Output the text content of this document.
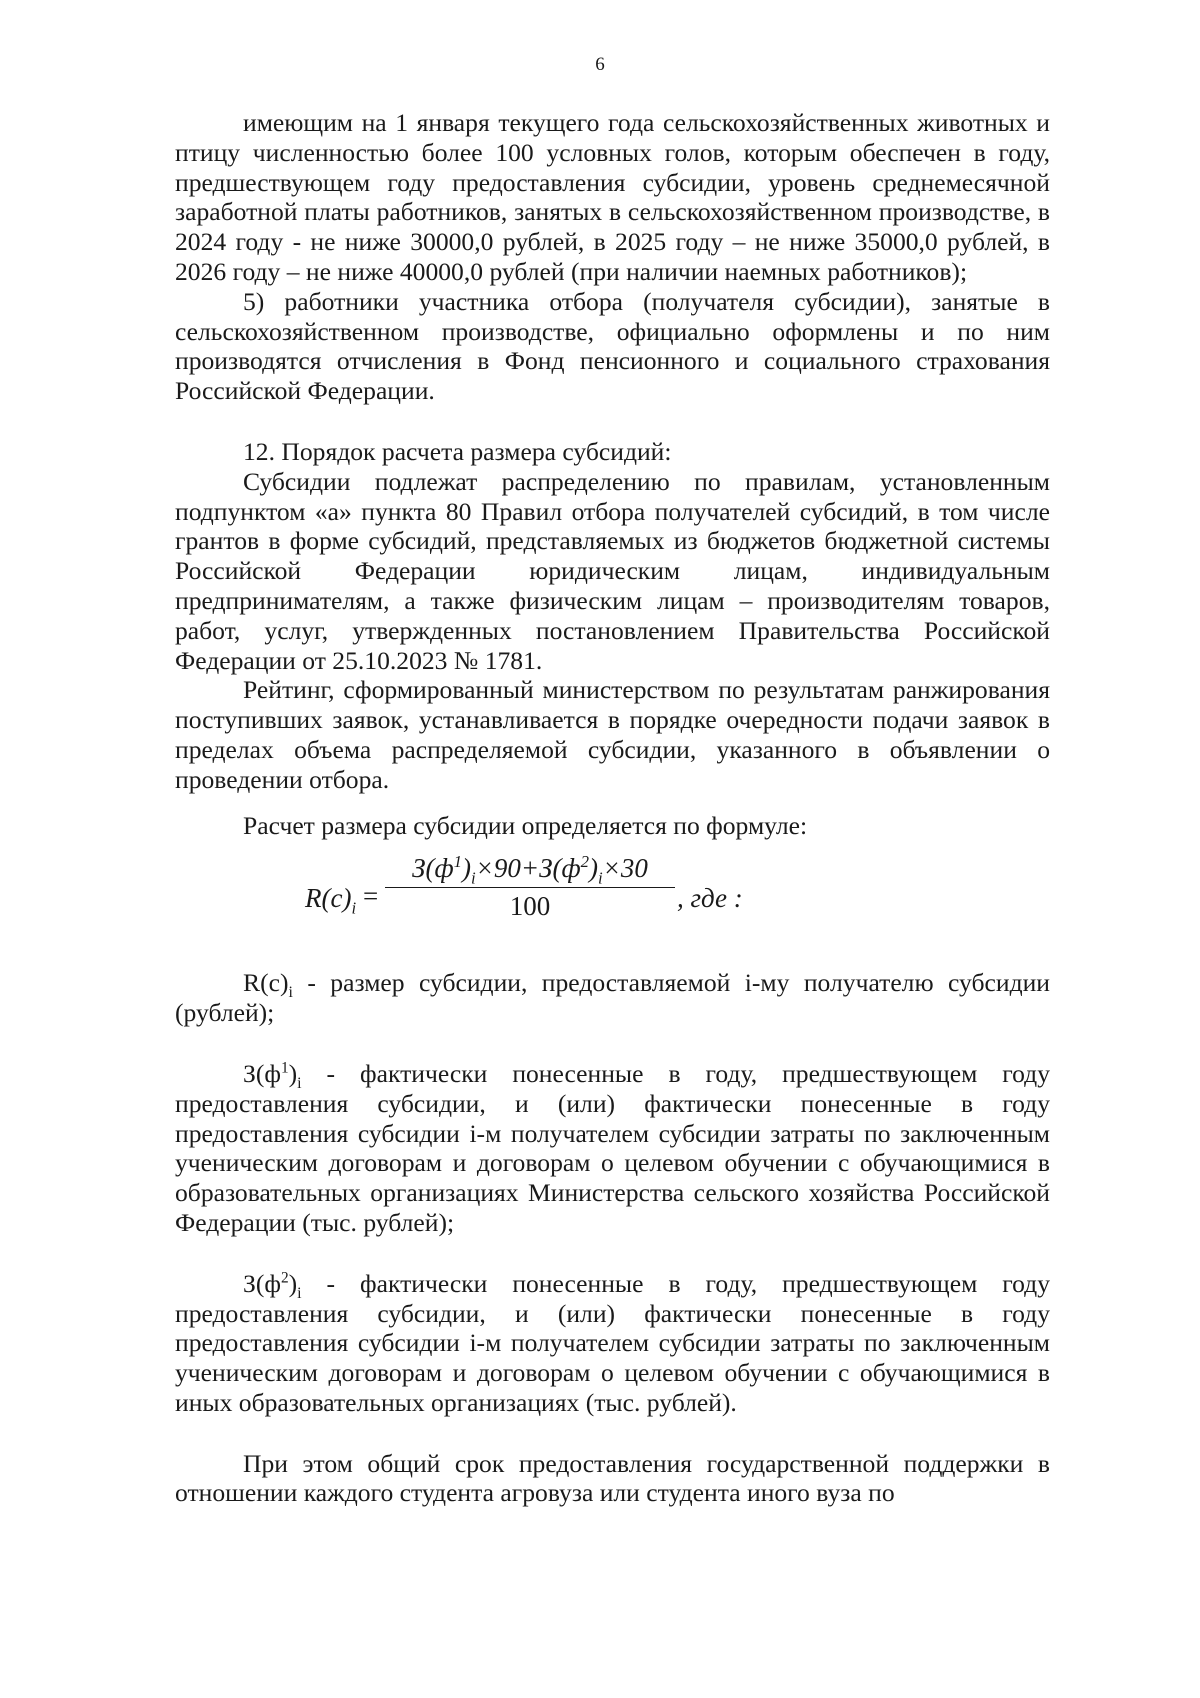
6

имеющим на 1 января текущего года сельскохозяйственных животных и птицу численностью более 100 условных голов, которым обеспечен в году, предшествующем году предоставления субсидии, уровень среднемесячной заработной платы работников, занятых в сельскохозяйственном производстве, в 2024 году - не ниже 30000,0 рублей, в 2025 году – не ниже 35000,0 рублей, в 2026 году – не ниже 40000,0 рублей (при наличии наемных работников);

5) работники участника отбора (получателя субсидии), занятые в сельскохозяйственном производстве, официально оформлены и по ним производятся отчисления в Фонд пенсионного и социального страхования Российской Федерации.

12. Порядок расчета размера субсидий:

Субсидии подлежат распределению по правилам, установленным подпунктом «а» пункта 80 Правил отбора получателей субсидий, в том числе грантов в форме субсидий, представляемых из бюджетов бюджетной системы Российской Федерации юридическим лицам, индивидуальным предпринимателям, а также физическим лицам – производителям товаров, работ, услуг, утвержденных постановлением Правительства Российской Федерации от 25.10.2023 № 1781.

Рейтинг, сформированный министерством по результатам ранжирования поступивших заявок, устанавливается в порядке очередности подачи заявок в пределах объема распределяемой субсидии, указанного в объявлении о проведении отбора.

Расчет размера субсидии определяется по формуле:

$R(c)_i$ =
$З(ф^1)_i\times 90+З(ф^2)_i\times 30$
100	, где :

$R(с)_i$ - размер субсидии, предоставляемой i-му получателю субсидии (рублей);

$З(ф^1)_i$ - фактически понесенные в году, предшествующем году предоставления субсидии, и (или) фактически понесенные в году предоставления субсидии i-м получателем субсидии затраты по заключенным ученическим договорам и договорам о целевом обучении с обучающимися в образовательных организациях Министерства сельского хозяйства Российской Федерации (тыс. рублей);

$З(ф^2)_i$ - фактически понесенные в году, предшествующем году предоставления субсидии, и (или) фактически понесенные в году предоставления субсидии i-м получателем субсидии затраты по заключенным ученическим договорам и договорам о целевом обучении с обучающимися в иных образовательных организациях (тыс. рублей).

При этом общий срок предоставления государственной поддержки в отношении каждого студента агровуза или студента иного вуза по
